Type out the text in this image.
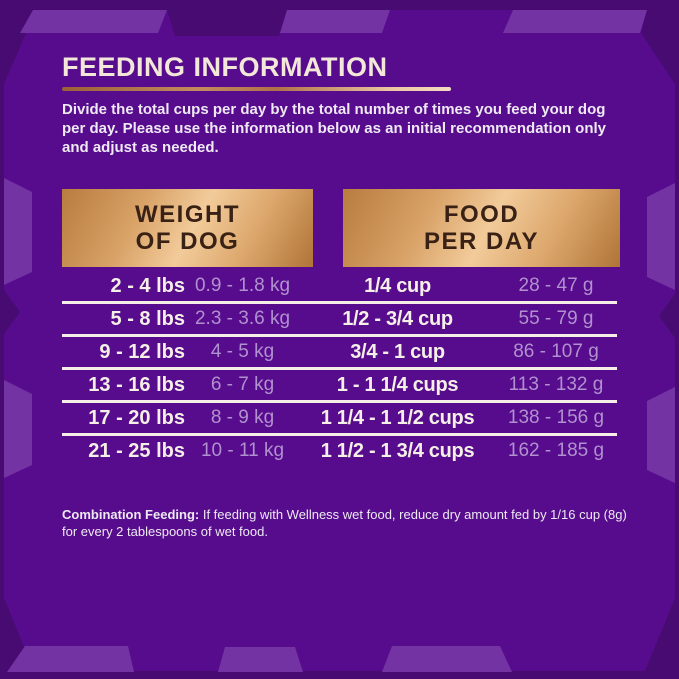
FEEDING INFORMATION

Divide the total cups per day by the total number of times you feed your dog per day. Please use the information below as an initial recommendation only and adjust as needed.

WEIGHT
OF DOG
FOOD
PER DAY
2 - 4 lbs 0.9 - 1.8 kg	1/4 cup	28 - 47 g
5 - 8 lbs 2.3 - 3.6 kg	1/2 - 3/4 cup	55 - 79 g
9 - 12 lbs	4 - 5 kg	3/4 - 1 cup	86 - 107 g
13 - 16 lbs	6 - 7 kg	1 - 1 1/4 cups	113 - 132 g
17 - 20 lbs	8 - 9 kg	1 1/4 - 1 1/2 cups	138 - 156 g
21 - 25 lbs 10 - 11 kg	1 1/2 - 1 3/4 cups	162 - 185 g

Combination Feeding: If feeding with Wellness wet food, reduce dry amount fed by 1/16 cup (8g) for every 2 tablespoons of wet food.
